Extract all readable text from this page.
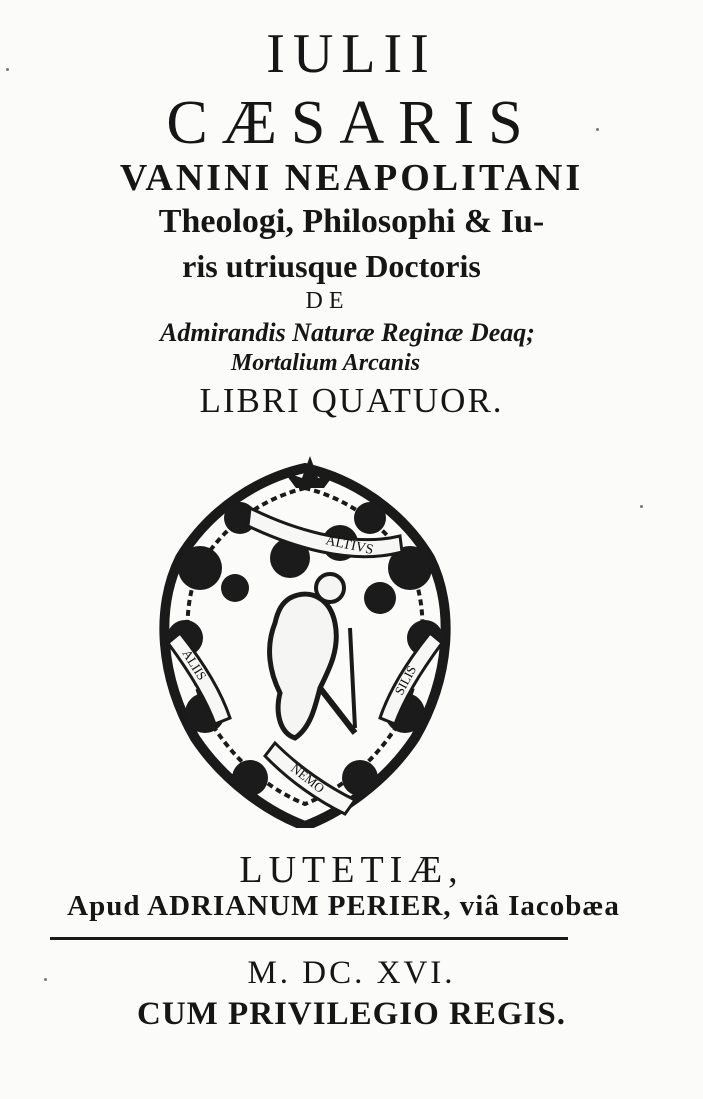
IULII
CÆSARIS
VANINI NEAPOLITANI
Theologi, Philosophi & Iu-
ris utriusque Doctoris
DE
Admirandis Naturæ Reginæ Deaq;
Mortalium Arcanis
LIBRI QUATUOR.
ALTIVS
ALIIS	SILIS
NEMO
LUTETIÆ,
Apud ADRIANUM PERIER, viâ Iacobæa
M. DC. XVI.
CUM PRIVILEGIO REGIS.
